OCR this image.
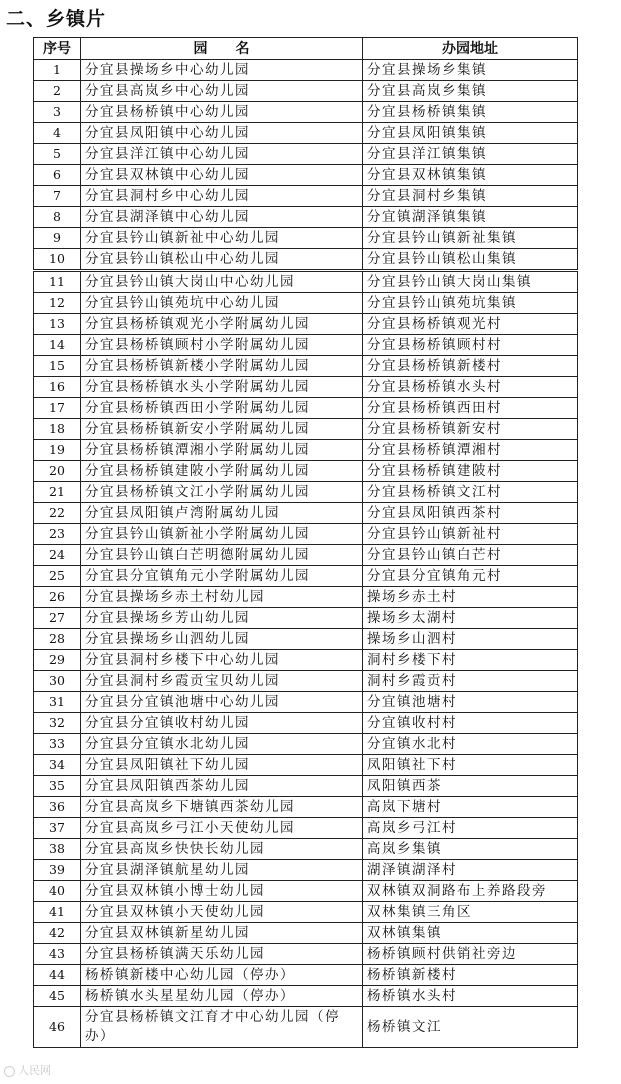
二、乡镇片
序号	园　　名	办园地址
1	分宜县操场乡中心幼儿园	分宜县操场乡集镇
2	分宜县高岚乡中心幼儿园	分宜县高岚乡集镇
3	分宜县杨桥镇中心幼儿园	分宜县杨桥镇集镇
4	分宜县凤阳镇中心幼儿园	分宜县凤阳镇集镇
5	分宜县洋江镇中心幼儿园	分宜县洋江镇集镇
6	分宜县双林镇中心幼儿园	分宜县双林镇集镇
7	分宜县洞村乡中心幼儿园	分宜县洞村乡集镇
8	分宜县湖泽镇中心幼儿园	分宜镇湖泽镇集镇
9	分宜县钤山镇新祉中心幼儿园	分宜县钤山镇新祉集镇
10	分宜县钤山镇松山中心幼儿园	分宜县钤山镇松山集镇
11	分宜县钤山镇大岗山中心幼儿园	分宜县钤山镇大岗山集镇
12	分宜县钤山镇苑坑中心幼儿园	分宜县钤山镇苑坑集镇
13	分宜县杨桥镇观光小学附属幼儿园	分宜县杨桥镇观光村
14	分宜县杨桥镇顾村小学附属幼儿园	分宜县杨桥镇顾村村
15	分宜县杨桥镇新楼小学附属幼儿园	分宜县杨桥镇新楼村
16	分宜县杨桥镇水头小学附属幼儿园	分宜县杨桥镇水头村
17	分宜县杨桥镇西田小学附属幼儿园	分宜县杨桥镇西田村
18	分宜县杨桥镇新安小学附属幼儿园	分宜县杨桥镇新安村
19	分宜县杨桥镇潭湘小学附属幼儿园	分宜县杨桥镇潭湘村
20	分宜县杨桥镇建陂小学附属幼儿园	分宜县杨桥镇建陂村
21	分宜县杨桥镇文江小学附属幼儿园	分宜县杨桥镇文江村
22	分宜县凤阳镇卢湾附属幼儿园	分宜县凤阳镇西茶村
23	分宜县钤山镇新祉小学附属幼儿园	分宜县钤山镇新祉村
24	分宜县钤山镇白芒明德附属幼儿园	分宜县钤山镇白芒村
25	分宜县分宜镇角元小学附属幼儿园	分宜县分宜镇角元村
26	分宜县操场乡赤土村幼儿园	操场乡赤土村
27	分宜县操场乡芳山幼儿园	操场乡太湖村
28	分宜县操场乡山泗幼儿园	操场乡山泗村
29	分宜县洞村乡楼下中心幼儿园	洞村乡楼下村
30	分宜县洞村乡霞贡宝贝幼儿园	洞村乡霞贡村
31	分宜县分宜镇池塘中心幼儿园	分宜镇池塘村
32	分宜县分宜镇收村幼儿园	分宜镇收村村
33	分宜县分宜镇水北幼儿园	分宜镇水北村
34	分宜县凤阳镇社下幼儿园	凤阳镇社下村
35	分宜县凤阳镇西茶幼儿园	凤阳镇西茶
36	分宜县高岚乡下塘镇西茶幼儿园	高岚下塘村
37	分宜县高岚乡弓江小天使幼儿园	高岚乡弓江村
38	分宜县高岚乡快快长幼儿园	高岚乡集镇
39	分宜县湖泽镇航星幼儿园	湖泽镇湖泽村
40	分宜县双林镇小博士幼儿园	双林镇双洞路布上养路段旁
41	分宜县双林镇小天使幼儿园	双林集镇三角区
42	分宜县双林镇新星幼儿园	双林镇集镇
43	分宜县杨桥镇满天乐幼儿园	杨桥镇顾村供销社旁边
44	杨桥镇新楼中心幼儿园（停办）	杨桥镇新楼村
45	杨桥镇水头星星幼儿园（停办）	杨桥镇水头村
46	分宜县杨桥镇文江育才中心幼儿园（停办）	杨桥镇文江
人民网
